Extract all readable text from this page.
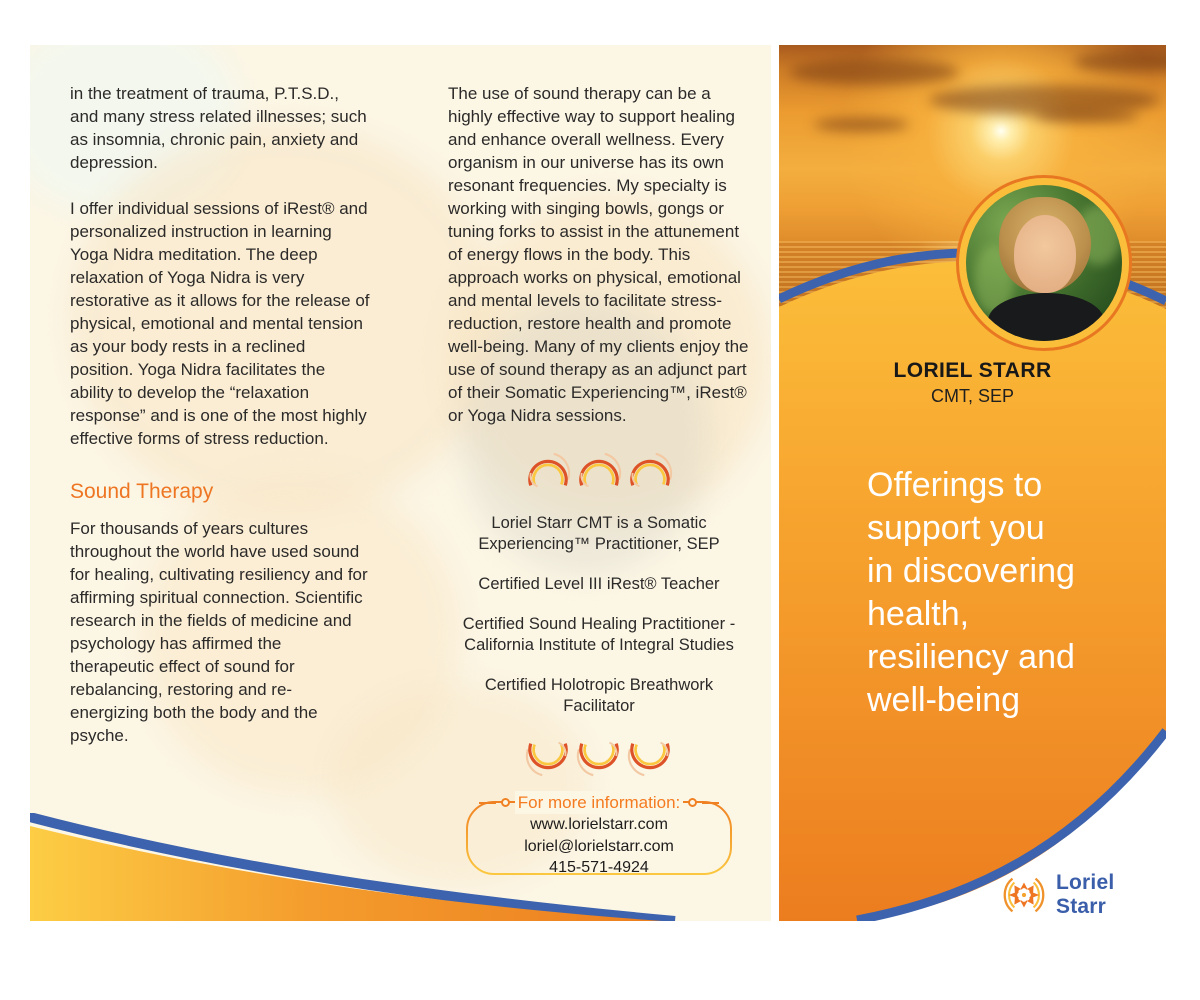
in the treatment of trauma, P.T.S.D., and many stress related illnesses; such as insomnia, chronic pain, anxiety and depression.

I offer individual sessions of iRest® and personalized instruction in learning Yoga Nidra meditation. The deep relaxation of Yoga Nidra is very restorative as it allows for the release of physical, emotional and mental tension as your body rests in a reclined position. Yoga Nidra facilitates the ability to develop the “relaxation response” and is one of the most highly effective forms of stress reduction.

Sound Therapy

For thousands of years cultures throughout the world have used sound for healing, cultivating resiliency and for affirming spiritual connection. Scientific research in the fields of medicine and psychology has affirmed the therapeutic effect of sound for rebalancing, restoring and re-energizing both the body and the psyche.

The use of sound therapy can be a highly effective way to support healing and enhance overall wellness. Every organism in our universe has its own resonant frequencies. My specialty is working with singing bowls, gongs or tuning forks to assist in the attunement of energy flows in the body. This approach works on physical, emotional and mental levels to facilitate stress-reduction, restore health and promote well-being. Many of my clients enjoy the use of sound therapy as an adjunct part of their Somatic Experiencing™, iRest® or Yoga Nidra sessions.

Loriel Starr CMT is a Somatic Experiencing™ Practitioner, SEP

Certified Level III iRest® Teacher

Certified Sound Healing Practitioner - California Institute of Integral Studies

Certified Holotropic Breathwork Facilitator

For more information:
www.lorielstarr.com
loriel@lorielstarr.com
415-571-4924
LORIEL STARR
CMT, SEP
Offerings to
support you
in discovering
health,
resiliency and
well-being
Loriel Starr
